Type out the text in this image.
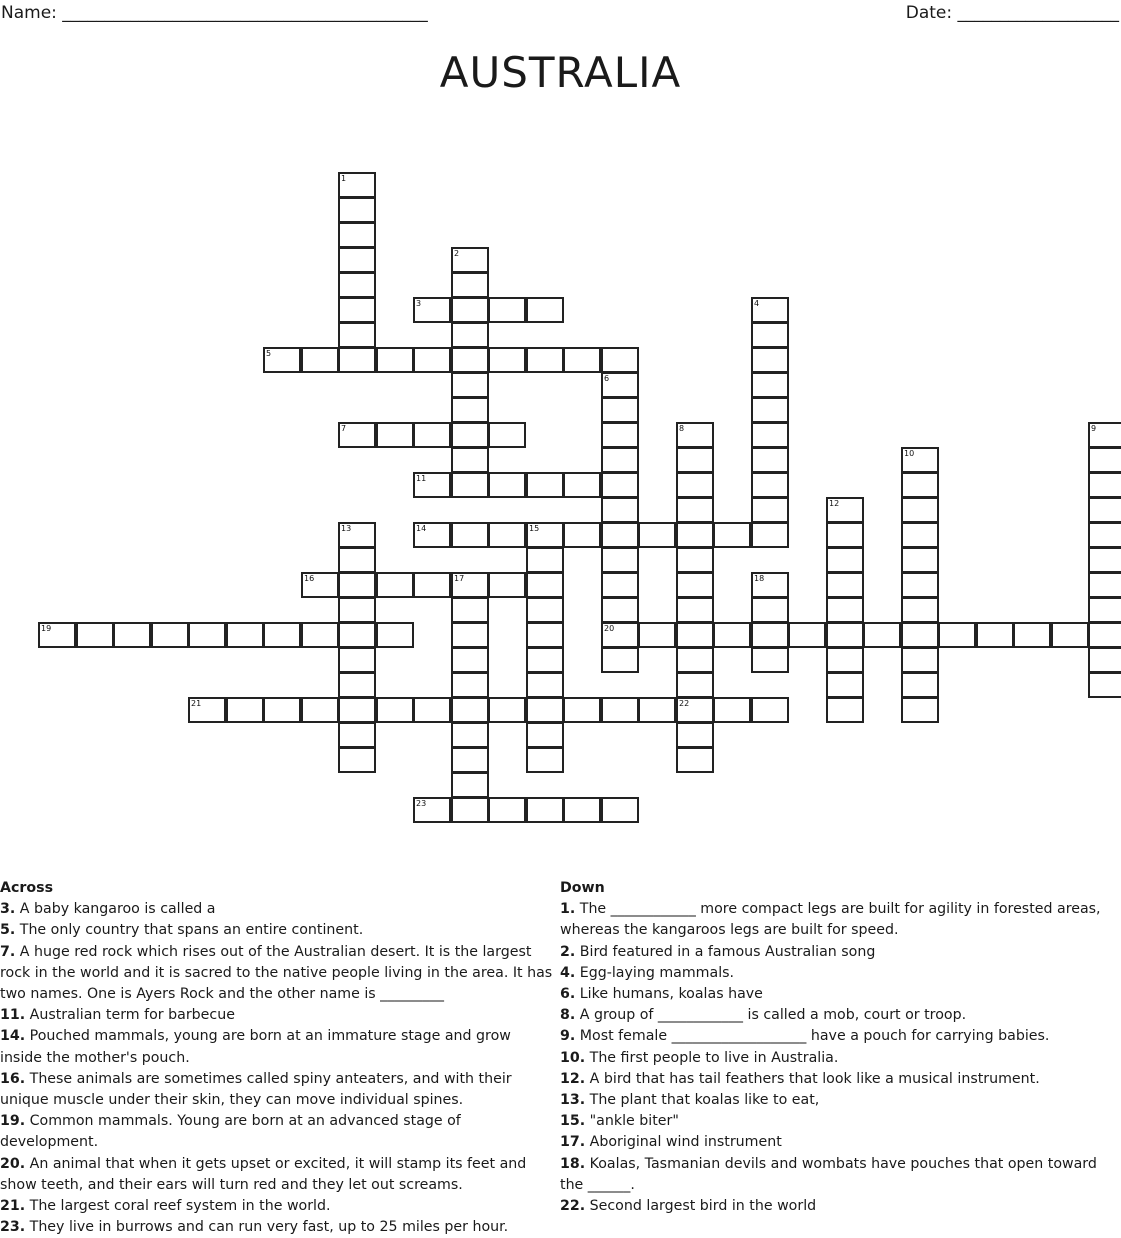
Name: ___________________________________________	Date: ___________________
AUSTRALIA
1
2
3	4
5
6
20
7	8
22
9
10
11
12
13	14	15
16	17	18
19
21
23
Across

3. A baby kangaroo is called a

5. The only country that spans an entire continent.

7. A huge red rock which rises out of the Australian desert. It is the largest rock in the world and it is sacred to the native people living in the area. It has two names. One is Ayers Rock and the other name is _________

11. Australian term for barbecue

14. Pouched mammals, young are born at an immature stage and grow inside the mother's pouch.

16. These animals are sometimes called spiny anteaters, and with their unique muscle under their skin, they can move individual spines.

19. Common mammals. Young are born at an advanced stage of development.

20. An animal that when it gets upset or excited, it will stamp its feet and show teeth, and their ears will turn red and they let out screams.

21. The largest coral reef system in the world.

23. They live in burrows and can run very fast, up to 25 miles per hour.

Down

1. The ____________ more compact legs are built for agility in forested areas, whereas the kangaroos legs are built for speed.

2. Bird featured in a famous Australian song

4. Egg-laying mammals.

6. Like humans, koalas have

8. A group of ____________ is called a mob, court or troop.

9. Most female ___________________ have a pouch for carrying babies.

10. The first people to live in Australia.

12. A bird that has tail feathers that look like a musical instrument.

13. The plant that koalas like to eat,

15. "ankle biter"

17. Aboriginal wind instrument

18. Koalas, Tasmanian devils and wombats have pouches that open toward the ______.

22. Second largest bird in the world
